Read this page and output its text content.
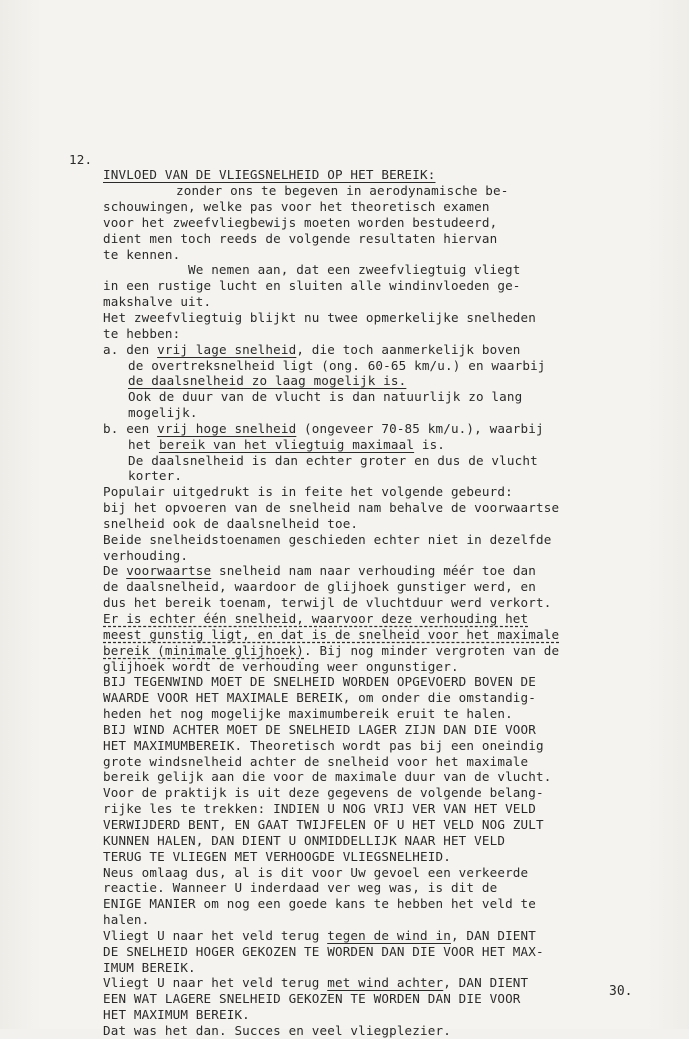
12.

INVLOED VAN DE VLIEGSNELHEID OP HET BEREIK:

zonder ons te begeven in aerodynamische be-
schouwingen, welke pas voor het theoretisch examen
voor het zweefvliegbewijs moeten worden bestudeerd,
dient men toch reeds de volgende resultaten hiervan
te kennen.
We nemen aan, dat een zweefvliegtuig vliegt
in een rustige lucht en sluiten alle windinvloeden ge-
makshalve uit.
Het zweefvliegtuig blijkt nu twee opmerkelijke snelheden
te hebben:
a. den vrij lage snelheid, die toch aanmerkelijk boven
de overtreksnelheid ligt (ong. 60-65 km/u.) en waarbij
de daalsnelheid zo laag mogelijk is.
Ook de duur van de vlucht is dan natuurlijk zo lang
mogelijk.
b. een vrij hoge snelheid (ongeveer 70-85 km/u.), waarbij
het bereik van het vliegtuig maximaal is.
De daalsnelheid is dan echter groter en dus de vlucht
korter.
Populair uitgedrukt is in feite het volgende gebeurd:
bij het opvoeren van de snelheid nam behalve de voorwaartse
snelheid ook de daalsnelheid toe.
Beide snelheidstoenamen geschieden echter niet in dezelfde
verhouding.
De voorwaartse snelheid nam naar verhouding méér toe dan
de daalsnelheid, waardoor de glijhoek gunstiger werd, en
dus het bereik toenam, terwijl de vluchtduur werd verkort.
Er is echter één snelheid, waarvoor deze verhouding het
meest gunstig ligt, en dat is de snelheid voor het maximale
bereik (minimale glijhoek). Bij nog minder vergroten van de
glijhoek wordt de verhouding weer ongunstiger.
BIJ TEGENWIND MOET DE SNELHEID WORDEN OPGEVOERD BOVEN DE
WAARDE VOOR HET MAXIMALE BEREIK, om onder die omstandig-
heden het nog mogelijke maximumbereik eruit te halen.
BIJ WIND ACHTER MOET DE SNELHEID LAGER ZIJN DAN DIE VOOR
HET MAXIMUMBEREIK. Theoretisch wordt pas bij een oneindig
grote windsnelheid achter de snelheid voor het maximale
bereik gelijk aan die voor de maximale duur van de vlucht.
Voor de praktijk is uit deze gegevens de volgende belang-
rijke les te trekken: INDIEN U NOG VRIJ VER VAN HET VELD
VERWIJDERD BENT, EN GAAT TWIJFELEN OF U HET VELD NOG ZULT
KUNNEN HALEN, DAN DIENT U ONMIDDELLIJK NAAR HET VELD
TERUG TE VLIEGEN MET VERHOOGDE VLIEGSNELHEID.
Neus omlaag dus, al is dit voor Uw gevoel een verkeerde
reactie. Wanneer U inderdaad ver weg was, is dit de
ENIGE MANIER om nog een goede kans te hebben het veld te
halen.
Vliegt U naar het veld terug tegen de wind in, DAN DIENT
DE SNELHEID HOGER GEKOZEN TE WORDEN DAN DIE VOOR HET MAX-
IMUM BEREIK.
Vliegt U naar het veld terug met wind achter, DAN DIENT
EEN WAT LAGERE SNELHEID GEKOZEN TE WORDEN DAN DIE VOOR
HET MAXIMUM BEREIK.
Dat was het dan. Succes en veel vliegplezier.
30.
